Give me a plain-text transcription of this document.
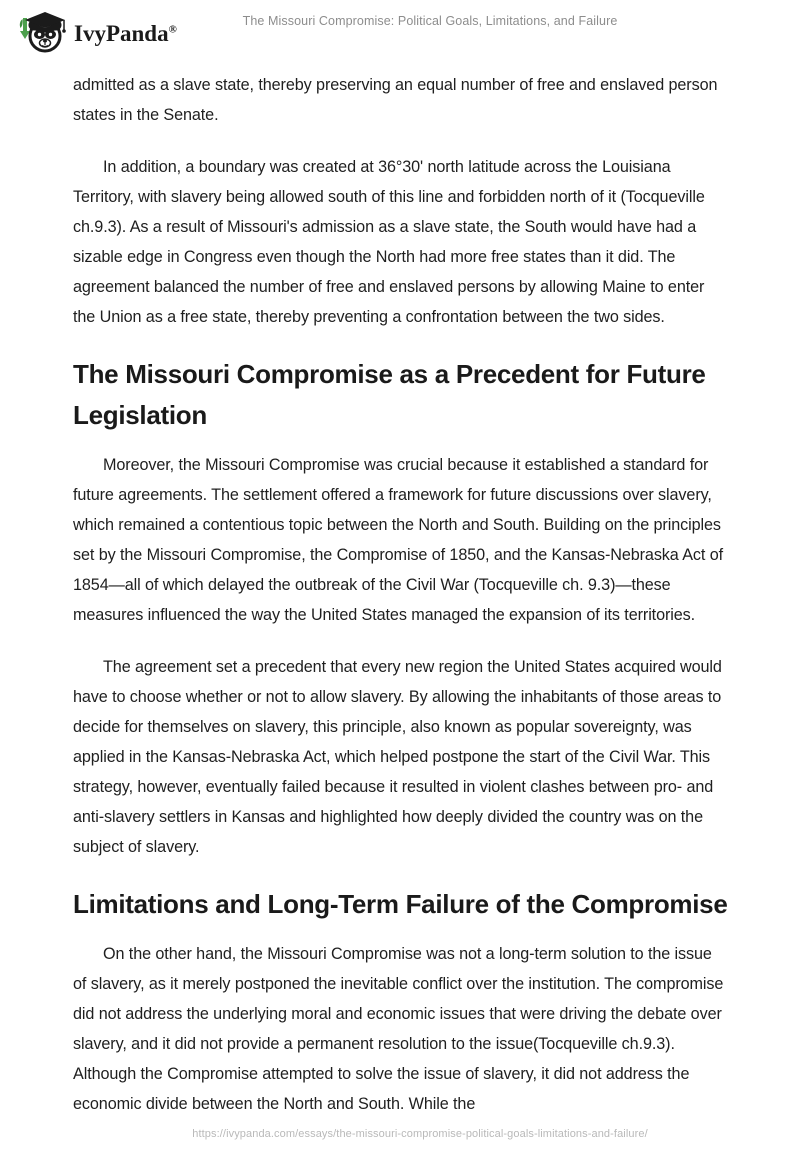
IvyPanda®
The Missouri Compromise: Political Goals, Limitations, and Failure

admitted as a slave state, thereby preserving an equal number of free and enslaved person states in the Senate.

In addition, a boundary was created at 36°30' north latitude across the Louisiana Territory, with slavery being allowed south of this line and forbidden north of it (Tocqueville ch.9.3). As a result of Missouri's admission as a slave state, the South would have had a sizable edge in Congress even though the North had more free states than it did. The agreement balanced the number of free and enslaved persons by allowing Maine to enter the Union as a free state, thereby preventing a confrontation between the two sides.

The Missouri Compromise as a Precedent for Future Legislation

Moreover, the Missouri Compromise was crucial because it established a standard for future agreements. The settlement offered a framework for future discussions over slavery, which remained a contentious topic between the North and South. Building on the principles set by the Missouri Compromise, the Compromise of 1850, and the Kansas-Nebraska Act of 1854—all of which delayed the outbreak of the Civil War (Tocqueville ch. 9.3)—these measures influenced the way the United States managed the expansion of its territories.

The agreement set a precedent that every new region the United States acquired would have to choose whether or not to allow slavery. By allowing the inhabitants of those areas to decide for themselves on slavery, this principle, also known as popular sovereignty, was applied in the Kansas-Nebraska Act, which helped postpone the start of the Civil War. This strategy, however, eventually failed because it resulted in violent clashes between pro- and anti-slavery settlers in Kansas and highlighted how deeply divided the country was on the subject of slavery.

Limitations and Long-Term Failure of the Compromise

On the other hand, the Missouri Compromise was not a long-term solution to the issue of slavery, as it merely postponed the inevitable conflict over the institution. The compromise did not address the underlying moral and economic issues that were driving the debate over slavery, and it did not provide a permanent resolution to the issue(Tocqueville ch.9.3). Although the Compromise attempted to solve the issue of slavery, it did not address the economic divide between the North and South. While the

https://ivypanda.com/essays/the-missouri-compromise-political-goals-limitations-and-failure/
